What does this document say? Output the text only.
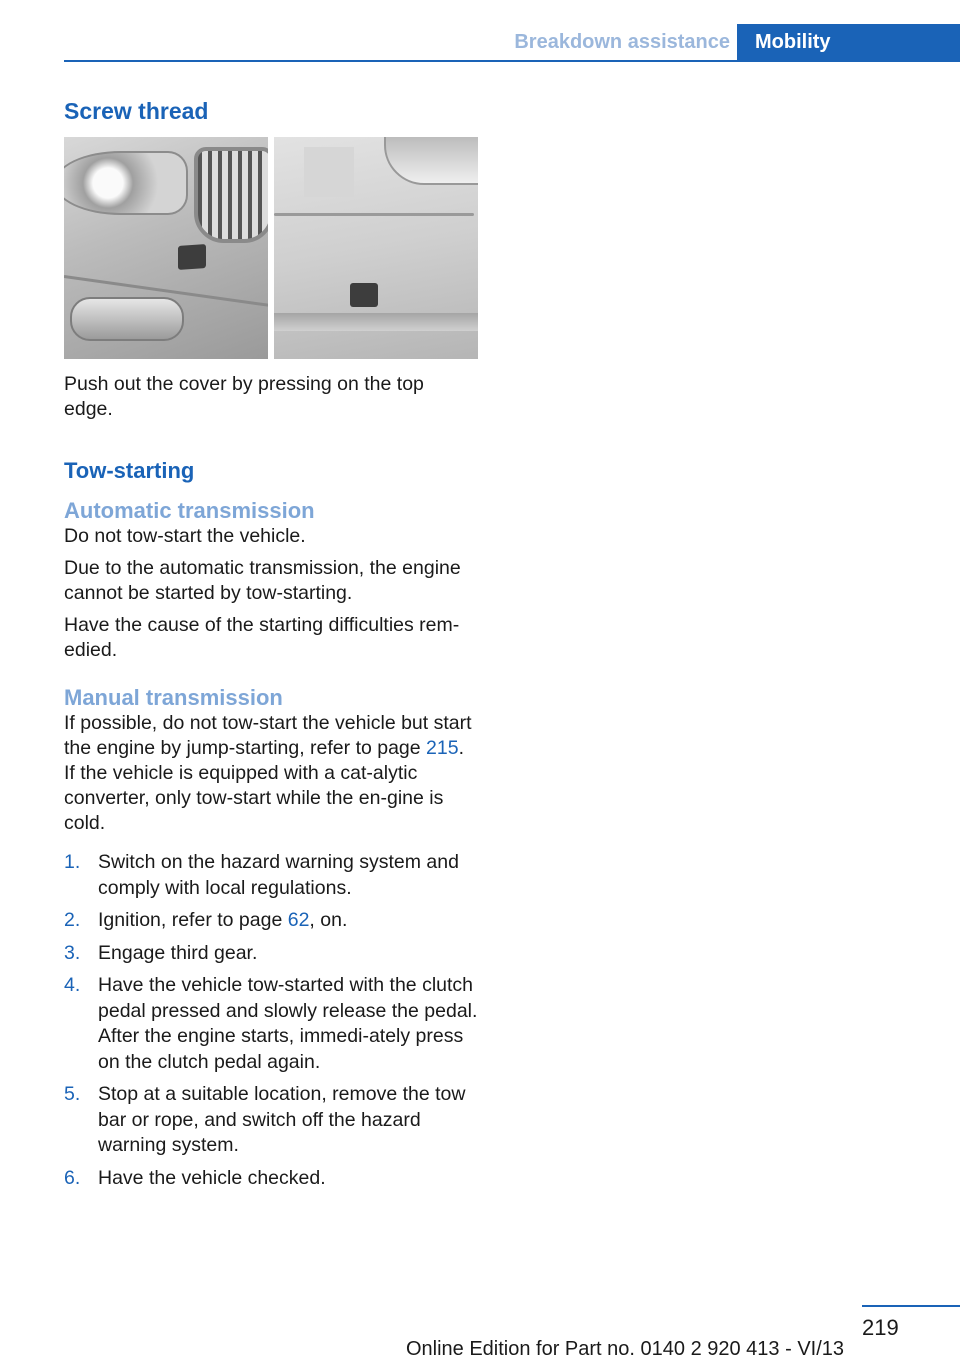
Breakdown assistance	Mobility
Screw thread

Push out the cover by pressing on the top edge.

Tow-starting
Automatic transmission

Do not tow-start the vehicle.

Due to the automatic transmission, the engine cannot be started by tow-starting.

Have the cause of the starting difficulties rem-edied.

Manual transmission

If possible, do not tow-start the vehicle but start the engine by jump-starting, refer to page 215. If the vehicle is equipped with a cat-alytic converter, only tow-start while the en-gine is cold.

1. Switch on the hazard warning system and comply with local regulations.
2. Ignition, refer to page 62, on.
3. Engage third gear.
4. Have the vehicle tow-started with the clutch pedal pressed and slowly release the pedal. After the engine starts, immedi-ately press on the clutch pedal again.
5. Stop at a suitable location, remove the tow bar or rope, and switch off the hazard warning system.
6. Have the vehicle checked.
219
Online Edition for Part no. 0140 2 920 413 - VI/13
